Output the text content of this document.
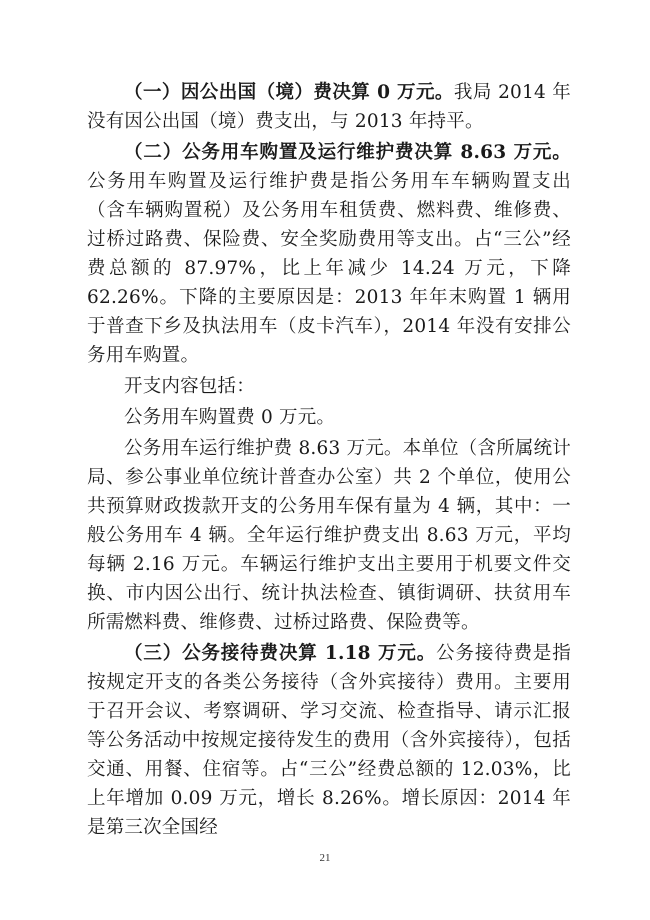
（一）因公出国（境）费决算 0 万元。我局 2014 年没有因公出国（境）费支出，与 2013 年持平。

（二）公务用车购置及运行维护费决算 8.63 万元。公务用车购置及运行维护费是指公务用车车辆购置支出（含车辆购置税）及公务用车租赁费、燃料费、维修费、过桥过路费、保险费、安全奖励费用等支出。占“三公”经费总额的 87.97%，比上年减少 14.24 万元，下降 62.26%。下降的主要原因是：2013 年年末购置 1 辆用于普查下乡及执法用车（皮卡汽车），2014 年没有安排公务用车购置。

开支内容包括：

公务用车购置费 0 万元。

公务用车运行维护费 8.63 万元。本单位（含所属统计局、参公事业单位统计普查办公室）共 2 个单位，使用公共预算财政拨款开支的公务用车保有量为 4 辆，其中：一般公务用车 4 辆。全年运行维护费支出 8.63 万元，平均每辆 2.16 万元。车辆运行维护支出主要用于机要文件交换、市内因公出行、统计执法检查、镇街调研、扶贫用车所需燃料费、维修费、过桥过路费、保险费等。

（三）公务接待费决算 1.18 万元。公务接待费是指按规定开支的各类公务接待（含外宾接待）费用。主要用于召开会议、考察调研、学习交流、检查指导、请示汇报等公务活动中按规定接待发生的费用（含外宾接待），包括交通、用餐、住宿等。占“三公”经费总额的 12.03%，比上年增加 0.09 万元，增长 8.26%。增长原因：2014 年是第三次全国经

21
